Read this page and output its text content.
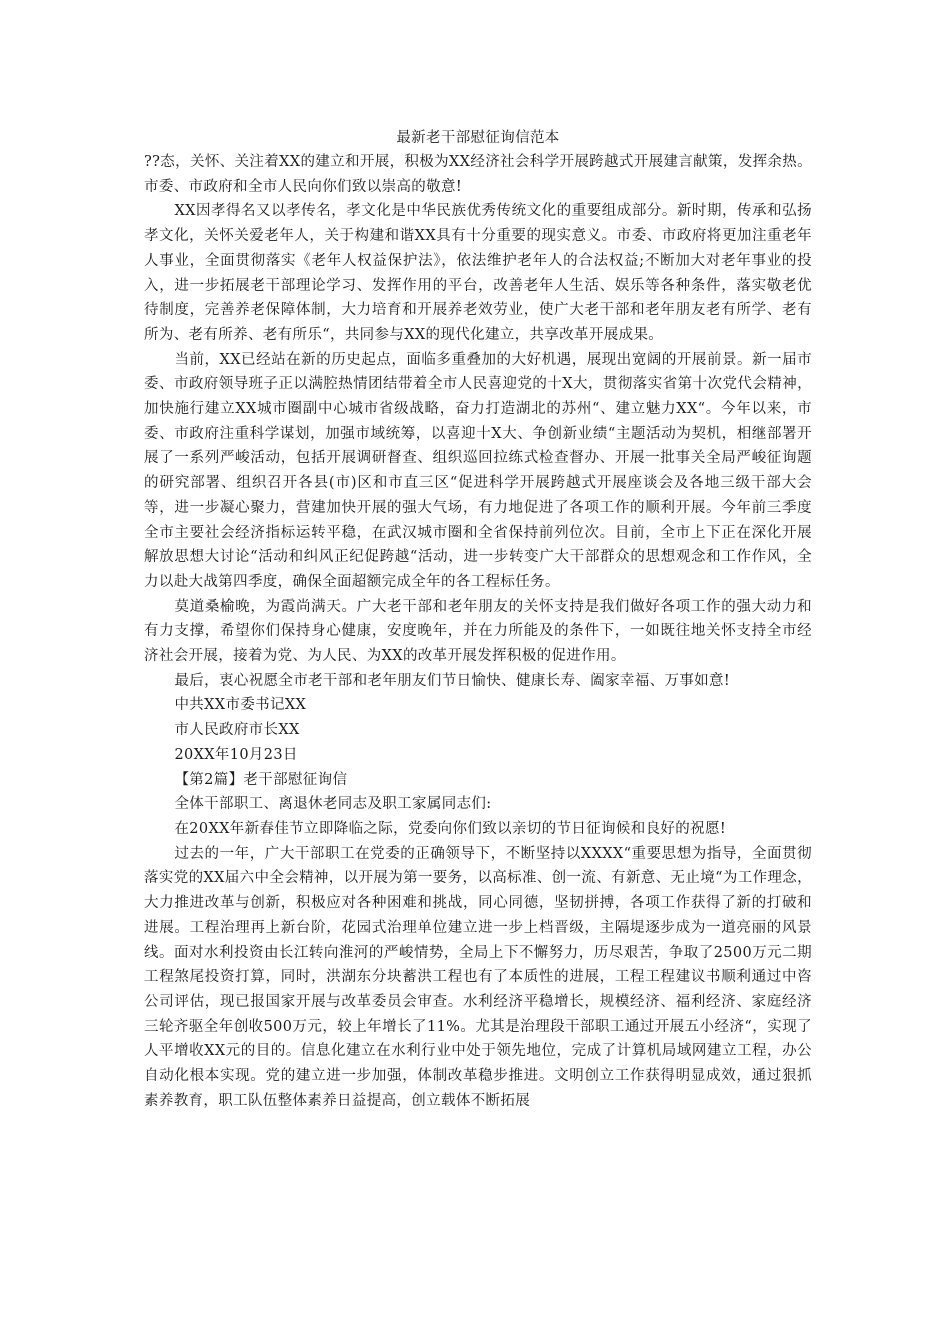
最新老干部慰征询信范本

??态，关怀、关注着XX的建立和开展，积极为XX经济社会科学开展跨越式开展建言献策，发挥余热。市委、市政府和全市人民向你们致以崇高的敬意!

XX因孝得名又以孝传名，孝文化是中华民族优秀传统文化的重要组成部分。新时期，传承和弘扬孝文化，关怀关爱老年人，关于构建和谐XX具有十分重要的现实意义。市委、市政府将更加注重老年人事业，全面贯彻落实《老年人权益保护法》，依法维护老年人的合法权益;不断加大对老年事业的投入，进一步拓展老干部理论学习、发挥作用的平台，改善老年人生活、娱乐等各种条件，落实敬老优待制度，完善养老保障体制，大力培育和开展养老效劳业，使广大老干部和老年朋友老有所学、老有所为、老有所养、老有所乐“，共同参与XX的现代化建立，共享改革开展成果。

当前，XX已经站在新的历史起点，面临多重叠加的大好机遇，展现出宽阔的开展前景。新一届市委、市政府领导班子正以满腔热情团结带着全市人民喜迎党的十X大，贯彻落实省第十次党代会精神，加快施行建立XX城市圈副中心城市省级战略，奋力打造湖北的苏州“、建立魅力XX“。今年以来，市委、市政府注重科学谋划，加强市域统筹，以喜迎十X大、争创新业绩“主题活动为契机，相继部署开展了一系列严峻活动，包括开展调研督查、组织巡回拉练式检查督办、开展一批事关全局严峻征询题的研究部署、组织召开各县(市)区和市直三区“促进科学开展跨越式开展座谈会及各地三级干部大会等，进一步凝心聚力，营建加快开展的强大气场，有力地促进了各项工作的顺利开展。今年前三季度全市主要社会经济指标运转平稳，在武汉城市圈和全省保持前列位次。目前，全市上下正在深化开展解放思想大讨论“活动和纠风正纪促跨越“活动，进一步转变广大干部群众的思想观念和工作作风，全力以赴大战第四季度，确保全面超额完成全年的各工程标任务。

莫道桑榆晚，为霞尚满天。广大老干部和老年朋友的关怀支持是我们做好各项工作的强大动力和有力支撑，希望你们保持身心健康，安度晚年，并在力所能及的条件下，一如既往地关怀支持全市经济社会开展，接着为党、为人民、为XX的改革开展发挥积极的促进作用。

最后，衷心祝愿全市老干部和老年朋友们节日愉快、健康长寿、阖家幸福、万事如意!

中共XX市委书记XX

市人民政府市长XX

20XX年10月23日

【第2篇】老干部慰征询信

全体干部职工、离退休老同志及职工家属同志们:

在20XX年新春佳节立即降临之际，党委向你们致以亲切的节日征询候和良好的祝愿!

过去的一年，广大干部职工在党委的正确领导下，不断坚持以XXXX“重要思想为指导，全面贯彻落实党的XX届六中全会精神，以开展为第一要务，以高标准、创一流、有新意、无止境“为工作理念，大力推进改革与创新，积极应对各种困难和挑战，同心同德，坚韧拼搏，各项工作获得了新的打破和进展。工程治理再上新台阶，花园式治理单位建立进一步上档晋级，主隔堤逐步成为一道亮丽的风景线。面对水利投资由长江转向淮河的严峻情势，全局上下不懈努力，历尽艰苦，争取了2500万元二期工程煞尾投资打算，同时，洪湖东分块蓄洪工程也有了本质性的进展，工程工程建议书顺利通过中咨公司评估，现已报国家开展与改革委员会审查。水利经济平稳增长，规模经济、福利经济、家庭经济三轮齐驱全年创收500万元，较上年增长了11%。尤其是治理段干部职工通过开展五小经济“，实现了人平增收XX元的目的。信息化建立在水利行业中处于领先地位，完成了计算机局域网建立工程，办公自动化根本实现。党的建立进一步加强，体制改革稳步推进。文明创立工作获得明显成效，通过狠抓素养教育，职工队伍整体素养日益提高，创立载体不断拓展
